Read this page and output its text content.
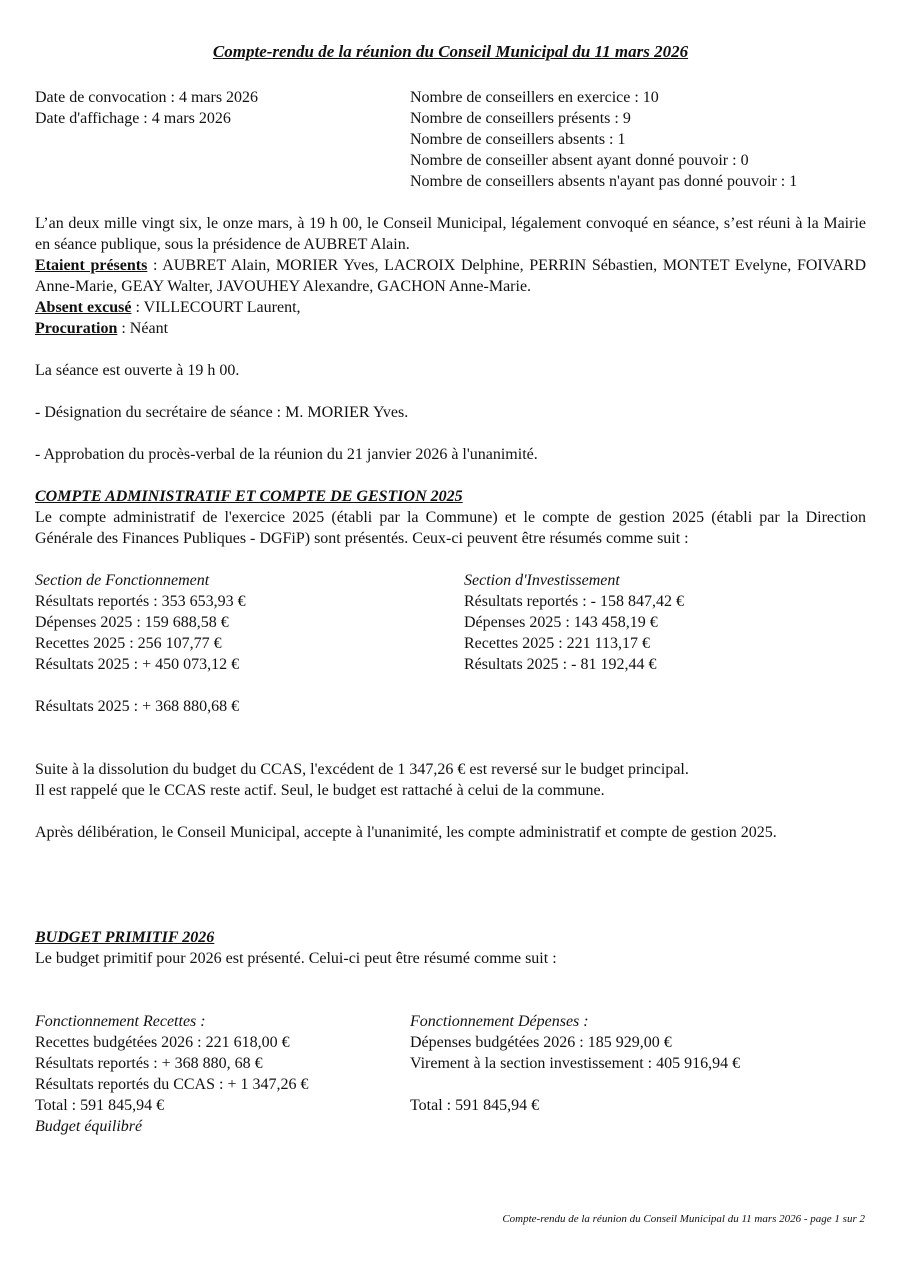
Compte-rendu de la réunion du Conseil Municipal du 11 mars 2026
Date de convocation : 4 mars 2026
Date d'affichage : 4 mars 2026
Nombre de conseillers en exercice : 10
Nombre de conseillers présents : 9
Nombre de conseillers absents : 1
Nombre de conseiller absent ayant donné pouvoir : 0
Nombre de conseillers absents n'ayant pas donné pouvoir : 1
L’an deux mille vingt six, le onze mars, à 19 h 00, le Conseil Municipal, légalement convoqué en séance, s’est réuni à la Mairie en séance publique, sous la présidence de AUBRET Alain.
Etaient présents : AUBRET Alain, MORIER Yves, LACROIX Delphine, PERRIN Sébastien, MONTET Evelyne, FOIVARD Anne-Marie, GEAY Walter, JAVOUHEY Alexandre, GACHON Anne-Marie.
Absent excusé : VILLECOURT Laurent,
Procuration : Néant
La séance est ouverte à 19 h 00.
- Désignation du secrétaire de séance : M. MORIER Yves.
- Approbation du procès-verbal de la réunion du 21 janvier 2026 à l'unanimité.
COMPTE ADMINISTRATIF ET COMPTE DE GESTION 2025
Le compte administratif de l'exercice 2025 (établi par la Commune) et le compte de gestion 2025 (établi par la Direction Générale des Finances Publiques - DGFiP) sont présentés. Ceux-ci peuvent être résumés comme suit :
Section de Fonctionnement
Résultats reportés : 353 653,93 €
Dépenses 2025 : 159 688,58 €
Recettes 2025 : 256 107,77 €
Résultats 2025 : + 450 073,12 €
Section d'Investissement
Résultats reportés : - 158 847,42 €
Dépenses 2025 : 143 458,19 €
Recettes 2025 : 221 113,17 €
Résultats 2025 : - 81 192,44 €
Résultats 2025 : + 368 880,68 €
Suite à la dissolution du budget du CCAS, l'excédent de 1 347,26 € est reversé sur le budget principal.
Il est rappelé que le CCAS reste actif. Seul, le budget est rattaché à celui de la commune.
Après délibération, le Conseil Municipal, accepte à l'unanimité, les compte administratif et compte de gestion 2025.
BUDGET PRIMITIF 2026
Le budget primitif pour 2026 est présenté. Celui-ci peut être résumé comme suit :
Fonctionnement Recettes :
Recettes budgétées 2026 : 221 618,00 €
Résultats reportés : + 368 880, 68 €
Résultats reportés du CCAS : + 1 347,26 €
Total : 591 845,94 €
Budget équilibré
Fonctionnement Dépenses :
Dépenses budgétées 2026 : 185 929,00 €
Virement à la section investissement : 405 916,94 €

Total : 591 845,94 €
Compte-rendu de la réunion du Conseil Municipal du 11 mars 2026 - page 1 sur 2
